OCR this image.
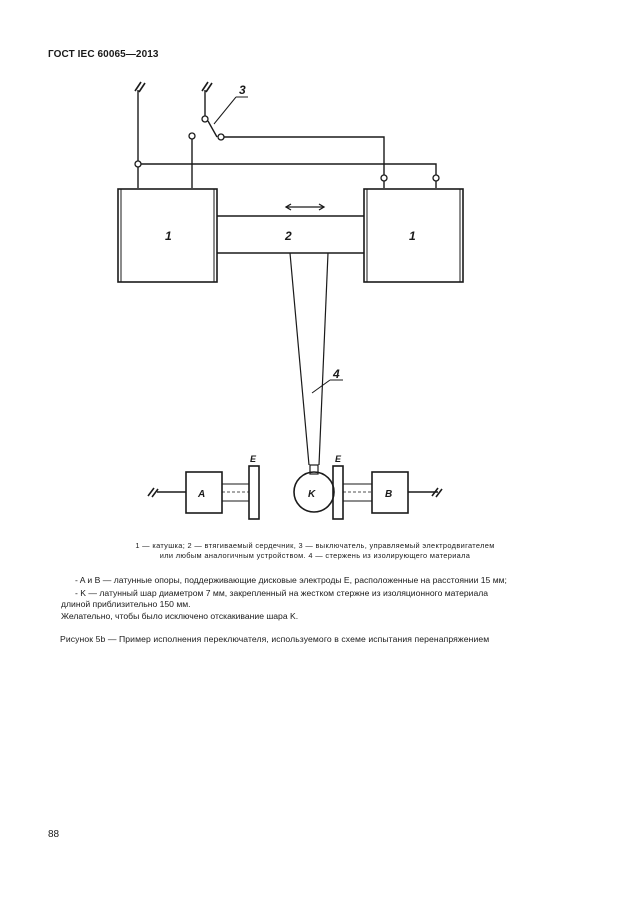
ГОСТ IEC 60065—2013
1	2	1
3
4
A	B
K
E	E
1 — катушка; 2 — втягиваемый сердечник, 3 — выключатель, управляемый электродвигателем
или любым аналогичным устройством. 4 — стержень из изолирующего материала
- A и B — латунные опоры, поддерживающие дисковые электроды E, расположенные на расстоянии 15 мм;
- K — латунный шар диаметром 7 мм, закрепленный на жестком стержне из изоляционного материала
длиной приблизительно 150 мм.
Желательно, чтобы было исключено отскакивание шара K.
Рисунок 5b — Пример исполнения переключателя, используемого в схеме испытания перенапряжением
88
